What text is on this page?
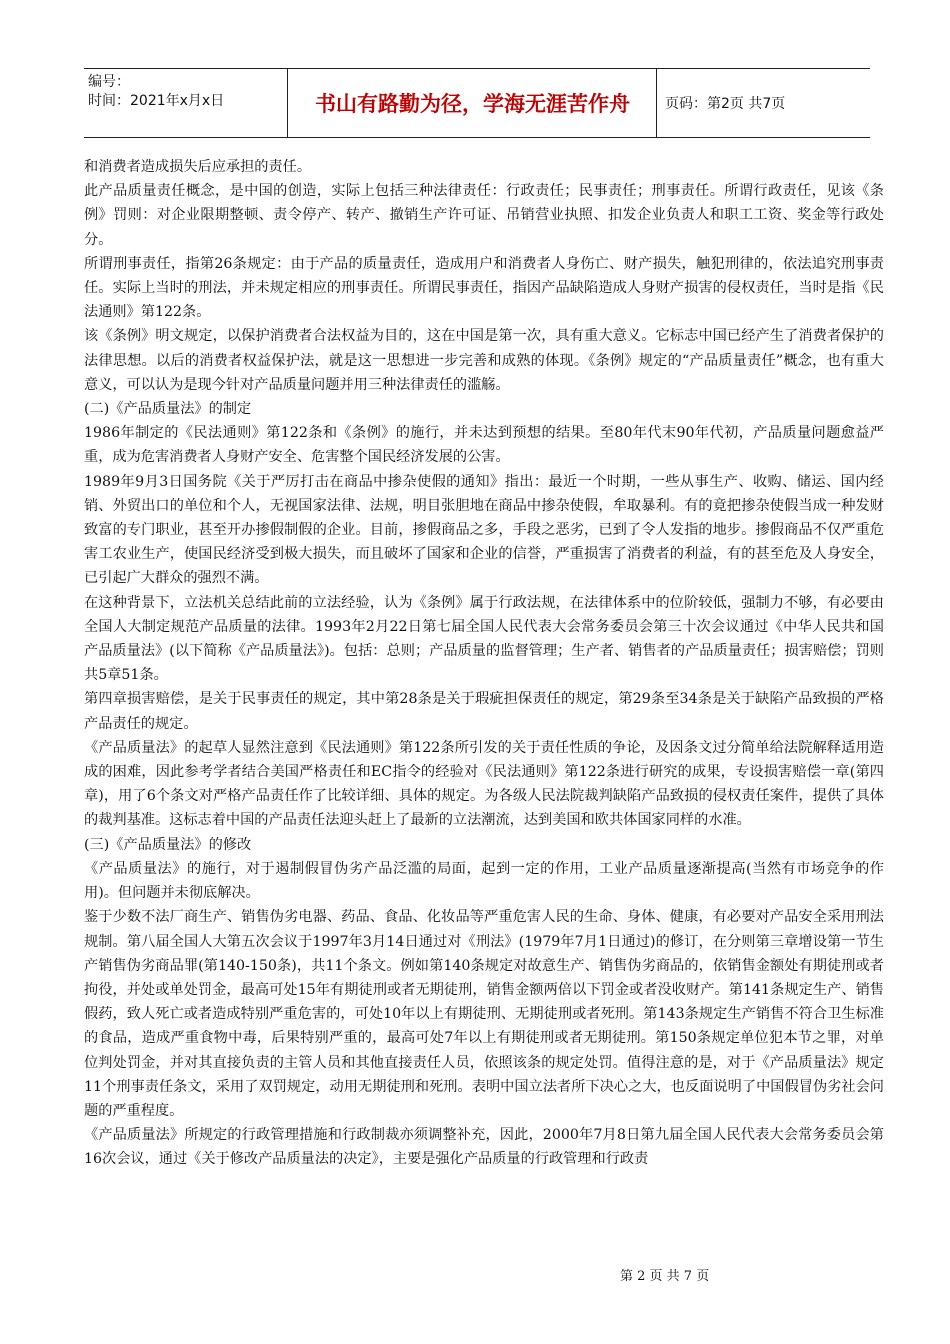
编号：
时间：2021年x月x日	书山有路勤为径，学海无涯苦作舟	页码：第2页 共7页

和消费者造成损失后应承担的责任。

此产品质量责任概念，是中国的创造，实际上包括三种法律责任：行政责任；民事责任；刑事责任。所谓行政责任，见该《条例》罚则：对企业限期整顿、责令停产、转产、撤销生产许可证、吊销营业执照、扣发企业负责人和职工工资、奖金等行政处分。

所谓刑事责任，指第26条规定：由于产品的质量责任，造成用户和消费者人身伤亡、财产损失，触犯刑律的，依法追究刑事责任。实际上当时的刑法，并未规定相应的刑事责任。所谓民事责任，指因产品缺陷造成人身财产损害的侵权责任，当时是指《民法通则》第122条。

该《条例》明文规定，以保护消费者合法权益为目的，这在中国是第一次，具有重大意义。它标志中国已经产生了消费者保护的法律思想。以后的消费者权益保护法，就是这一思想进一步完善和成熟的体现。《条例》规定的“产品质量责任”概念，也有重大意义，可以认为是现今针对产品质量问题并用三种法律责任的滥觞。

(二)《产品质量法》的制定

1986年制定的《民法通则》第122条和《条例》的施行，并未达到预想的结果。至80年代末90年代初，产品质量问题愈益严重，成为危害消费者人身财产安全、危害整个国民经济发展的公害。

1989年9月3日国务院《关于严厉打击在商品中掺杂使假的通知》指出：最近一个时期，一些从事生产、收购、储运、国内经销、外贸出口的单位和个人，无视国家法律、法规，明目张胆地在商品中掺杂使假，牟取暴利。有的竟把掺杂使假当成一种发财致富的专门职业，甚至开办掺假制假的企业。目前，掺假商品之多，手段之恶劣，已到了令人发指的地步。掺假商品不仅严重危害工农业生产，使国民经济受到极大损失，而且破坏了国家和企业的信誉，严重损害了消费者的利益，有的甚至危及人身安全，已引起广大群众的强烈不满。

在这种背景下，立法机关总结此前的立法经验，认为《条例》属于行政法规，在法律体系中的位阶较低，强制力不够，有必要由全国人大制定规范产品质量的法律。1993年2月22日第七届全国人民代表大会常务委员会第三十次会议通过《中华人民共和国产品质量法》(以下简称《产品质量法》)。包括：总则；产品质量的监督管理；生产者、销售者的产品质量责任；损害赔偿；罚则共5章51条。

第四章损害赔偿，是关于民事责任的规定，其中第28条是关于瑕疵担保责任的规定，第29条至34条是关于缺陷产品致损的严格产品责任的规定。

《产品质量法》的起草人显然注意到《民法通则》第122条所引发的关于责任性质的争论，及因条文过分简单给法院解释适用造成的困难，因此参考学者结合美国严格责任和EC指令的经验对《民法通则》第122条进行研究的成果，专设损害赔偿一章(第四章)，用了6个条文对严格产品责任作了比较详细、具体的规定。为各级人民法院裁判缺陷产品致损的侵权责任案件，提供了具体的裁判基准。这标志着中国的产品责任法迎头赶上了最新的立法潮流，达到美国和欧共体国家同样的水准。

(三)《产品质量法》的修改

《产品质量法》的施行，对于遏制假冒伪劣产品泛滥的局面，起到一定的作用，工业产品质量逐渐提高(当然有市场竞争的作用)。但问题并未彻底解决。

鉴于少数不法厂商生产、销售伪劣电器、药品、食品、化妆品等严重危害人民的生命、身体、健康，有必要对产品安全采用刑法规制。第八届全国人大第五次会议于1997年3月14日通过对《刑法》(1979年7月1日通过)的修订，在分则第三章增设第一节生产销售伪劣商品罪(第140-150条)，共11个条文。例如第140条规定对故意生产、销售伪劣商品的，依销售金额处有期徒刑或者拘役，并处或单处罚金，最高可处15年有期徒刑或者无期徒刑，销售金额两倍以下罚金或者没收财产。第141条规定生产、销售假药，致人死亡或者造成特别严重危害的，可处10年以上有期徒刑、无期徒刑或者死刑。第143条规定生产销售不符合卫生标准的食品，造成严重食物中毒，后果特别严重的，最高可处7年以上有期徒刑或者无期徒刑。第150条规定单位犯本节之罪，对单位判处罚金，并对其直接负责的主管人员和其他直接责任人员，依照该条的规定处罚。值得注意的是，对于《产品质量法》规定11个刑事责任条文，采用了双罚规定，动用无期徒刑和死刑。表明中国立法者所下决心之大，也反面说明了中国假冒伪劣社会问题的严重程度。

《产品质量法》所规定的行政管理措施和行政制裁亦须调整补充，因此，2000年7月8日第九届全国人民代表大会常务委员会第16次会议，通过《关于修改产品质量法的决定》，主要是强化产品质量的行政管理和行政责

第 2 页 共 7 页
